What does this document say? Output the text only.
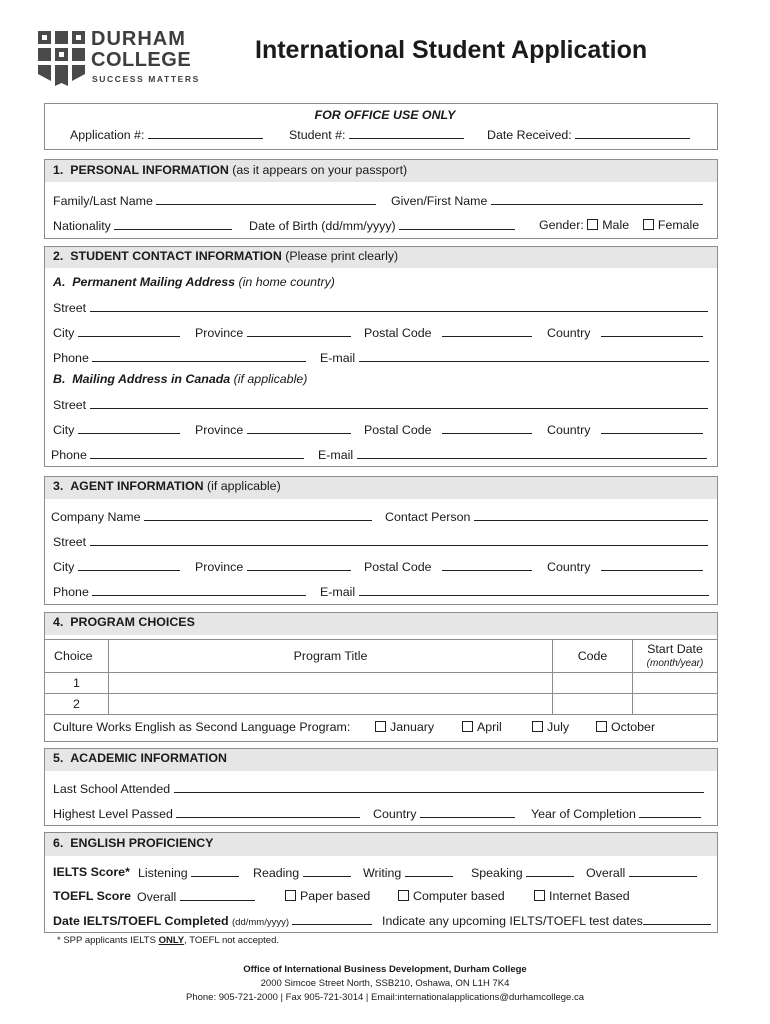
DURHAM
COLLEGE
SUCCESS MATTERS
International Student Application
FOR OFFICE USE ONLY
Application #:	Student #:	Date Received:
1. PERSONAL INFORMATION (as it appears on your passport)
Family/Last Name	Given/First Name
Nationality	Date of Birth (dd/mm/yyyy)	Gender: Male Female
2. STUDENT CONTACT INFORMATION (Please print clearly)
A. Permanent Mailing Address (in home country)
Street
City	Province	Postal Code	Country
Phone	E-mail
B. Mailing Address in Canada (if applicable)
Street
City	Province	Postal Code	Country
Phone	E-mail
3. AGENT INFORMATION (if applicable)
Company Name	Contact Person
Street
City	Province	Postal Code	Country
Phone	E-mail
4. PROGRAM CHOICES
Choice	Program Title	Code	Start Date
(month/year)
1			
2			
Culture Works English as Second Language Program:	January	April	July	October
5. ACADEMIC INFORMATION
Last School Attended
Highest Level Passed	Country	Year of Completion
6. ENGLISH PROFICIENCY
IELTS Score* Listening	Reading	Writing	Speaking	Overall
TOEFL Score Overall	Paper based	Computer based	Internet Based
Date IELTS/TOEFL Completed (dd/mm/yyyy)	Indicate any upcoming IELTS/TOEFL test dates
* SPP applicants IELTS ONLY, TOEFL not accepted.
Office of International Business Development, Durham College
2000 Simcoe Street North, SSB210, Oshawa, ON L1H 7K4
Phone: 905-721-2000 | Fax 905-721-3014 | Email:internationalapplications@durhamcollege.ca
